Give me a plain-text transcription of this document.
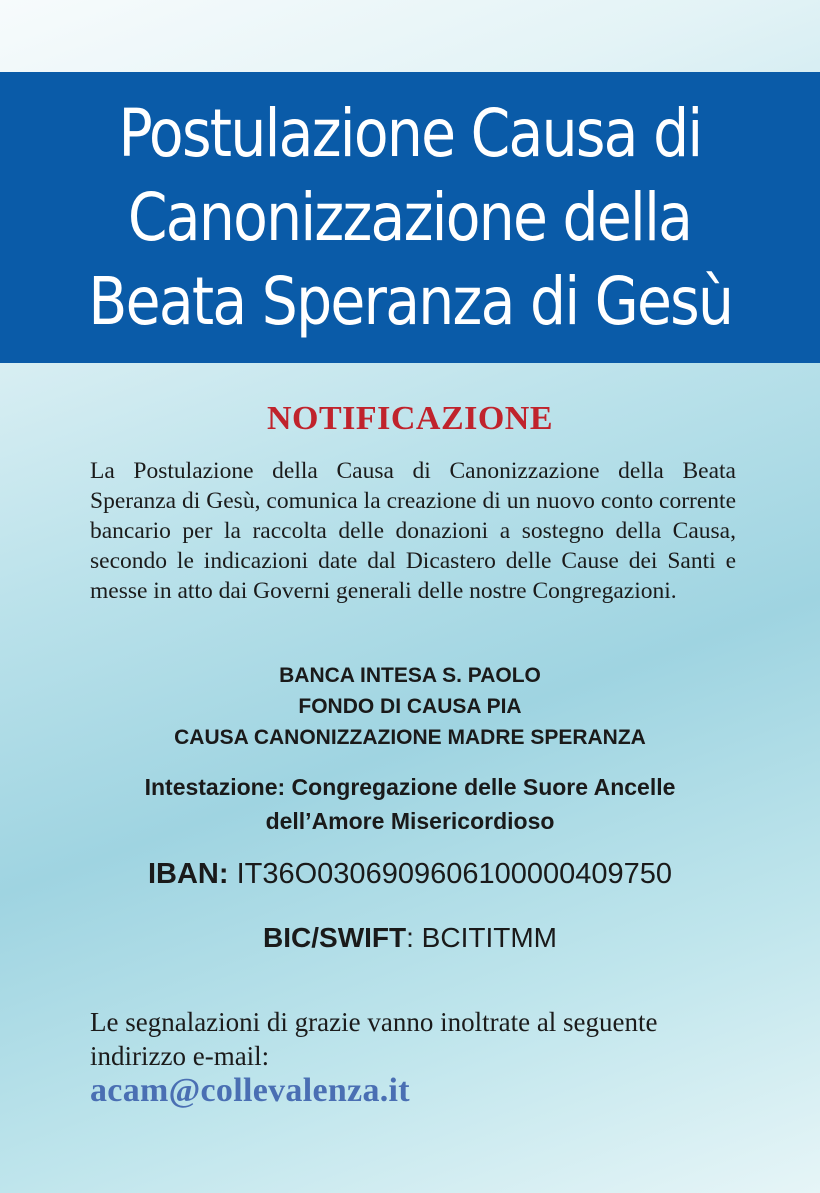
Postulazione Causa di
Canonizzazione della
Beata Speranza di Gesù
NOTIFICAZIONE

La Postulazione della Causa di Canonizzazione della Beata Speranza di Gesù, comunica la creazione di un nuovo conto corrente bancario per la raccolta delle donazioni a sostegno della Causa, secondo le indicazioni date dal Dicastero delle Cause dei Santi e messe in atto dai Governi generali delle nostre Congregazioni.

BANCA INTESA S. PAOLO
FONDO DI CAUSA PIA
CAUSA CANONIZZAZIONE MADRE SPERANZA
Intestazione: Congregazione delle Suore Ancelle
dell’Amore Misericordioso
IBAN: IT36O0306909606100000409750
BIC/SWIFT: BCITITMM
Le segnalazioni di grazie vanno inoltrate al seguente indirizzo e-mail:
acam@collevalenza.it
